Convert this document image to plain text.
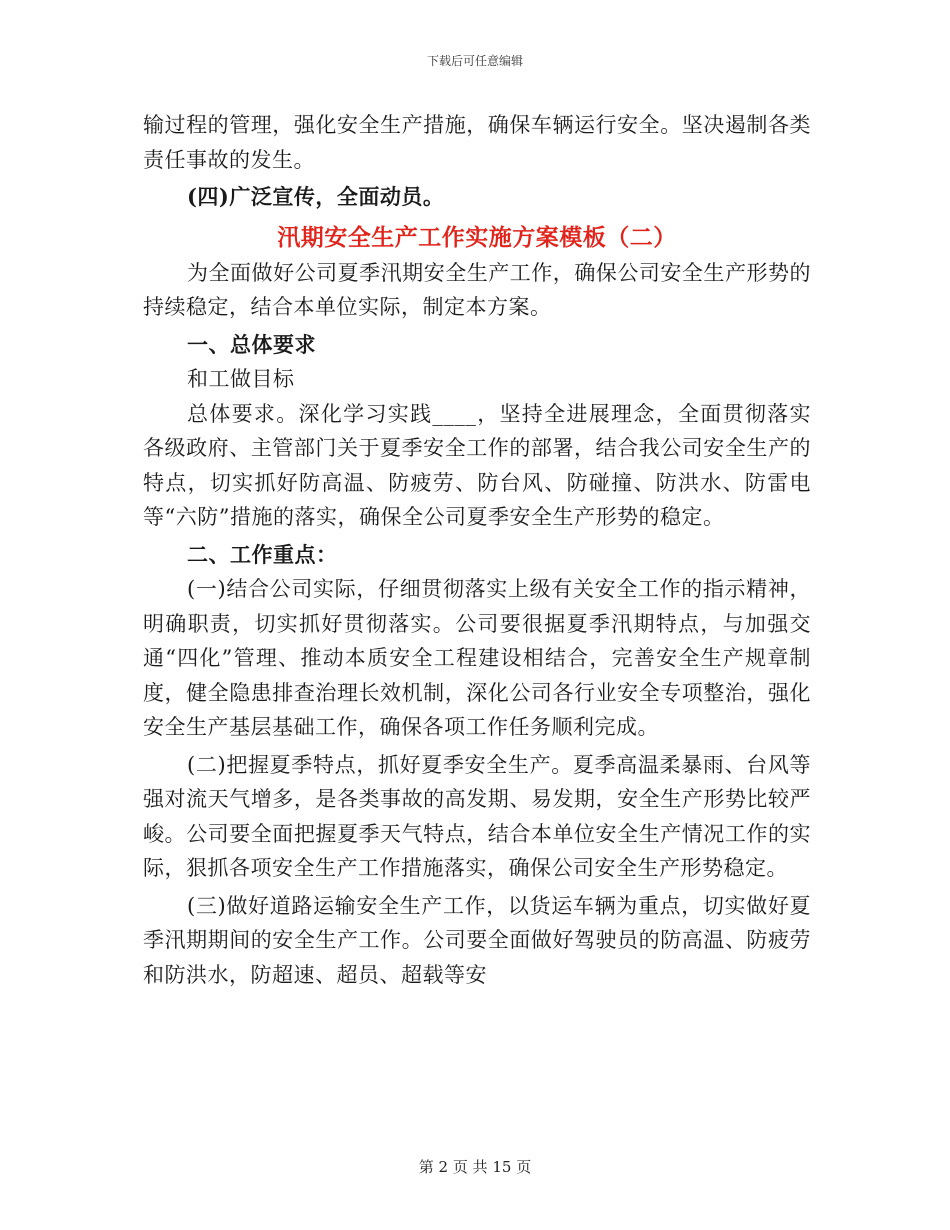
下载后可任意编辑

输过程的管理，强化安全生产措施，确保车辆运行安全。坚决遏制各类责任事故的发生。

(四)广泛宣传，全面动员。

汛期安全生产工作实施方案模板（二）

为全面做好公司夏季汛期安全生产工作，确保公司安全生产形势的持续稳定，结合本单位实际，制定本方案。

一、总体要求

和工做目标

总体要求。深化学习实践____，坚持全进展理念，全面贯彻落实各级政府、主管部门关于夏季安全工作的部署，结合我公司安全生产的特点，切实抓好防高温、防疲劳、防台风、防碰撞、防洪水、防雷电等“六防”措施的落实，确保全公司夏季安全生产形势的稳定。

二、工作重点：

(一)结合公司实际，仔细贯彻落实上级有关安全工作的指示精神，明确职责，切实抓好贯彻落实。公司要很据夏季汛期特点，与加强交通“四化”管理、推动本质安全工程建设相结合，完善安全生产规章制度，健全隐患排查治理长效机制，深化公司各行业安全专项整治，强化安全生产基层基础工作，确保各项工作任务顺利完成。

(二)把握夏季特点，抓好夏季安全生产。夏季高温柔暴雨、台风等强对流天气增多，是各类事故的高发期、易发期，安全生产形势比较严峻。公司要全面把握夏季天气特点，结合本单位安全生产情况工作的实际，狠抓各项安全生产工作措施落实，确保公司安全生产形势稳定。

(三)做好道路运输安全生产工作，以货运车辆为重点，切实做好夏季汛期期间的安全生产工作。公司要全面做好驾驶员的防高温、防疲劳和防洪水，防超速、超员、超载等安

第 2 页 共 15 页
